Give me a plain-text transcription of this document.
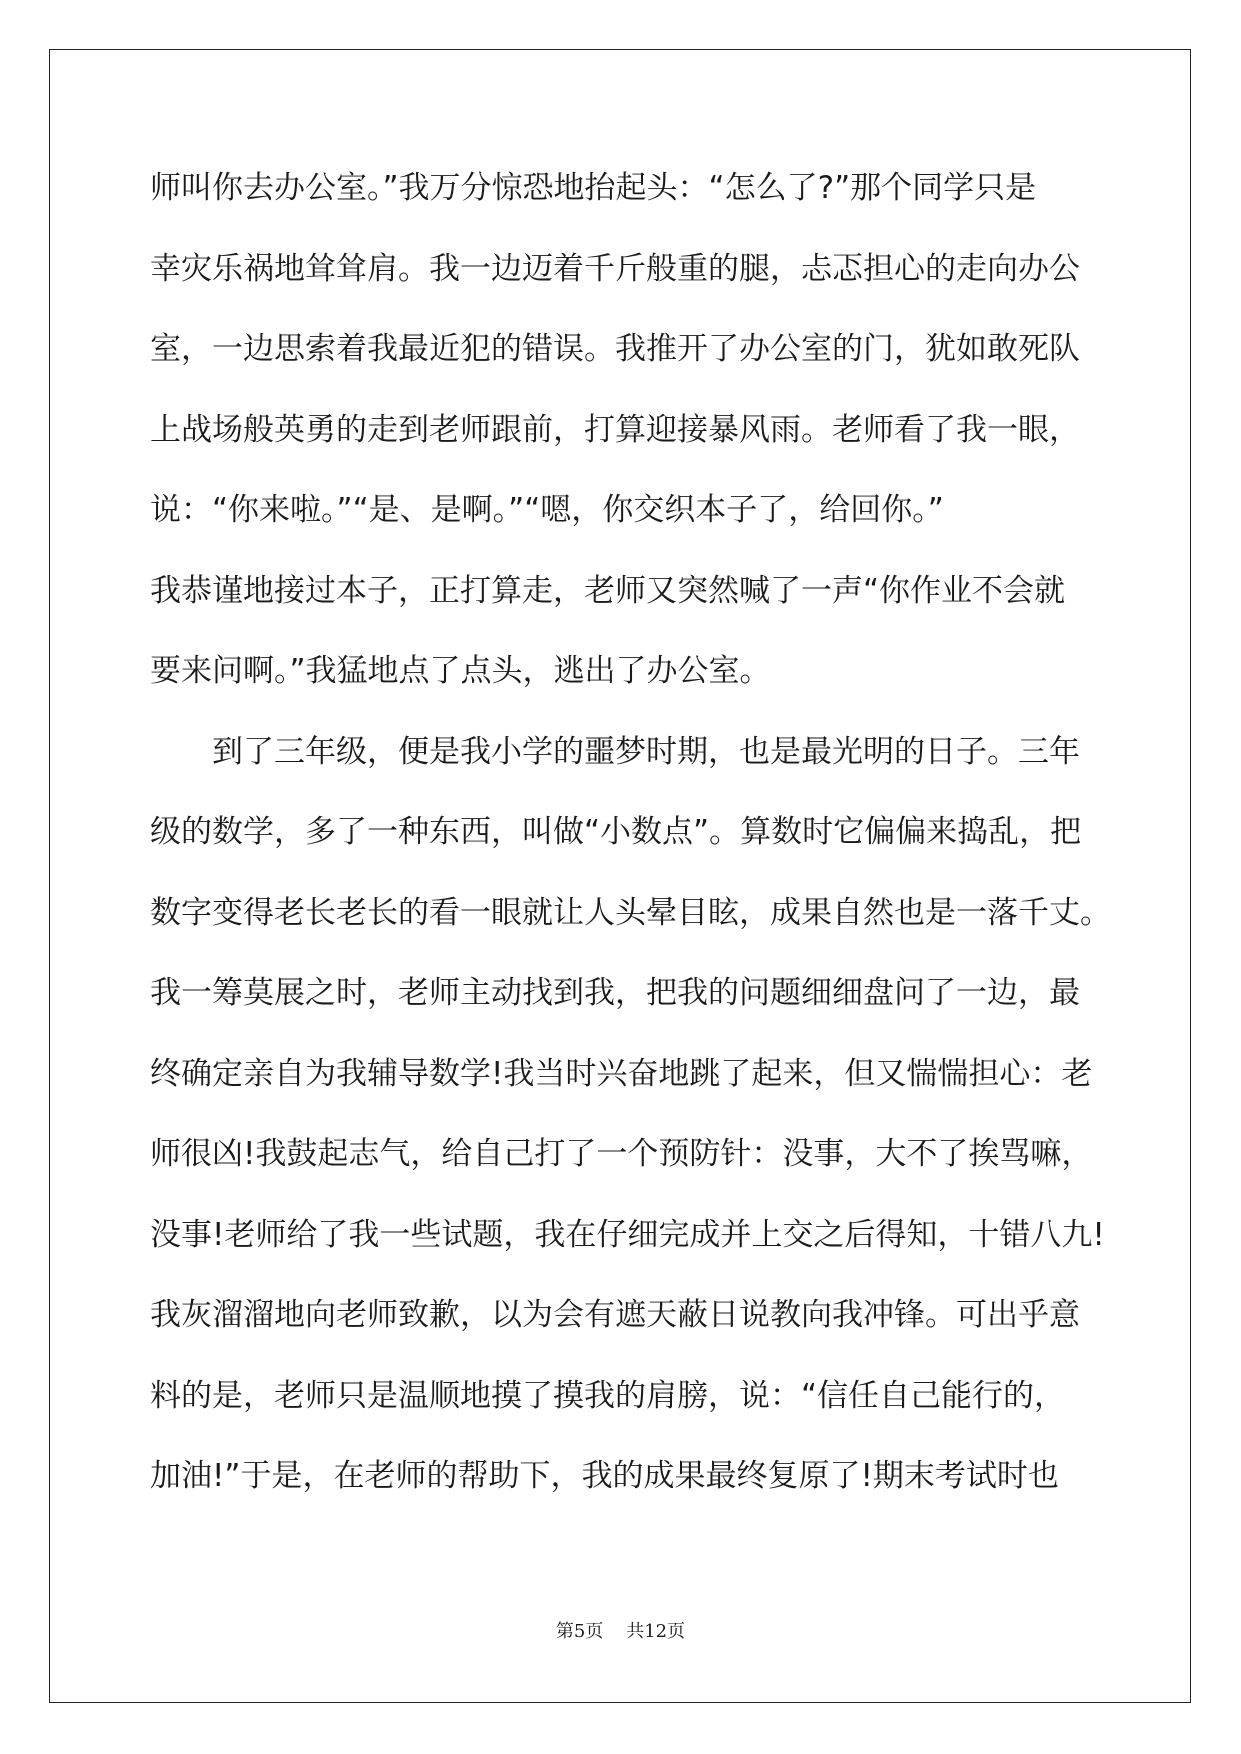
师叫你去办公室。”我万分惊恐地抬起头：“怎么了?”那个同学只是
幸灾乐祸地耸耸肩。我一边迈着千斤般重的腿，忐忑担心的走向办公
室，一边思索着我最近犯的错误。我推开了办公室的门，犹如敢死队
上战场般英勇的走到老师跟前，打算迎接暴风雨。老师看了我一眼，
说：“你来啦。”“是、是啊。”“嗯，你交织本子了，给回你。”
我恭谨地接过本子，正打算走，老师又突然喊了一声“你作业不会就
要来问啊。”我猛地点了点头，逃出了办公室。
　　到了三年级，便是我小学的噩梦时期，也是最光明的日子。三年
级的数学，多了一种东西，叫做“小数点”。算数时它偏偏来捣乱，把
数字变得老长老长的看一眼就让人头晕目眩，成果自然也是一落千丈。
我一筹莫展之时，老师主动找到我，把我的问题细细盘问了一边，最
终确定亲自为我辅导数学!我当时兴奋地跳了起来，但又惴惴担心：老
师很凶!我鼓起志气，给自己打了一个预防针：没事，大不了挨骂嘛，
没事!老师给了我一些试题，我在仔细完成并上交之后得知，十错八九!
我灰溜溜地向老师致歉，以为会有遮天蔽日说教向我冲锋。可出乎意
料的是，老师只是温顺地摸了摸我的肩膀，说：“信任自己能行的，
加油!”于是，在老师的帮助下，我的成果最终复原了!期末考试时也
第5页 共12页
